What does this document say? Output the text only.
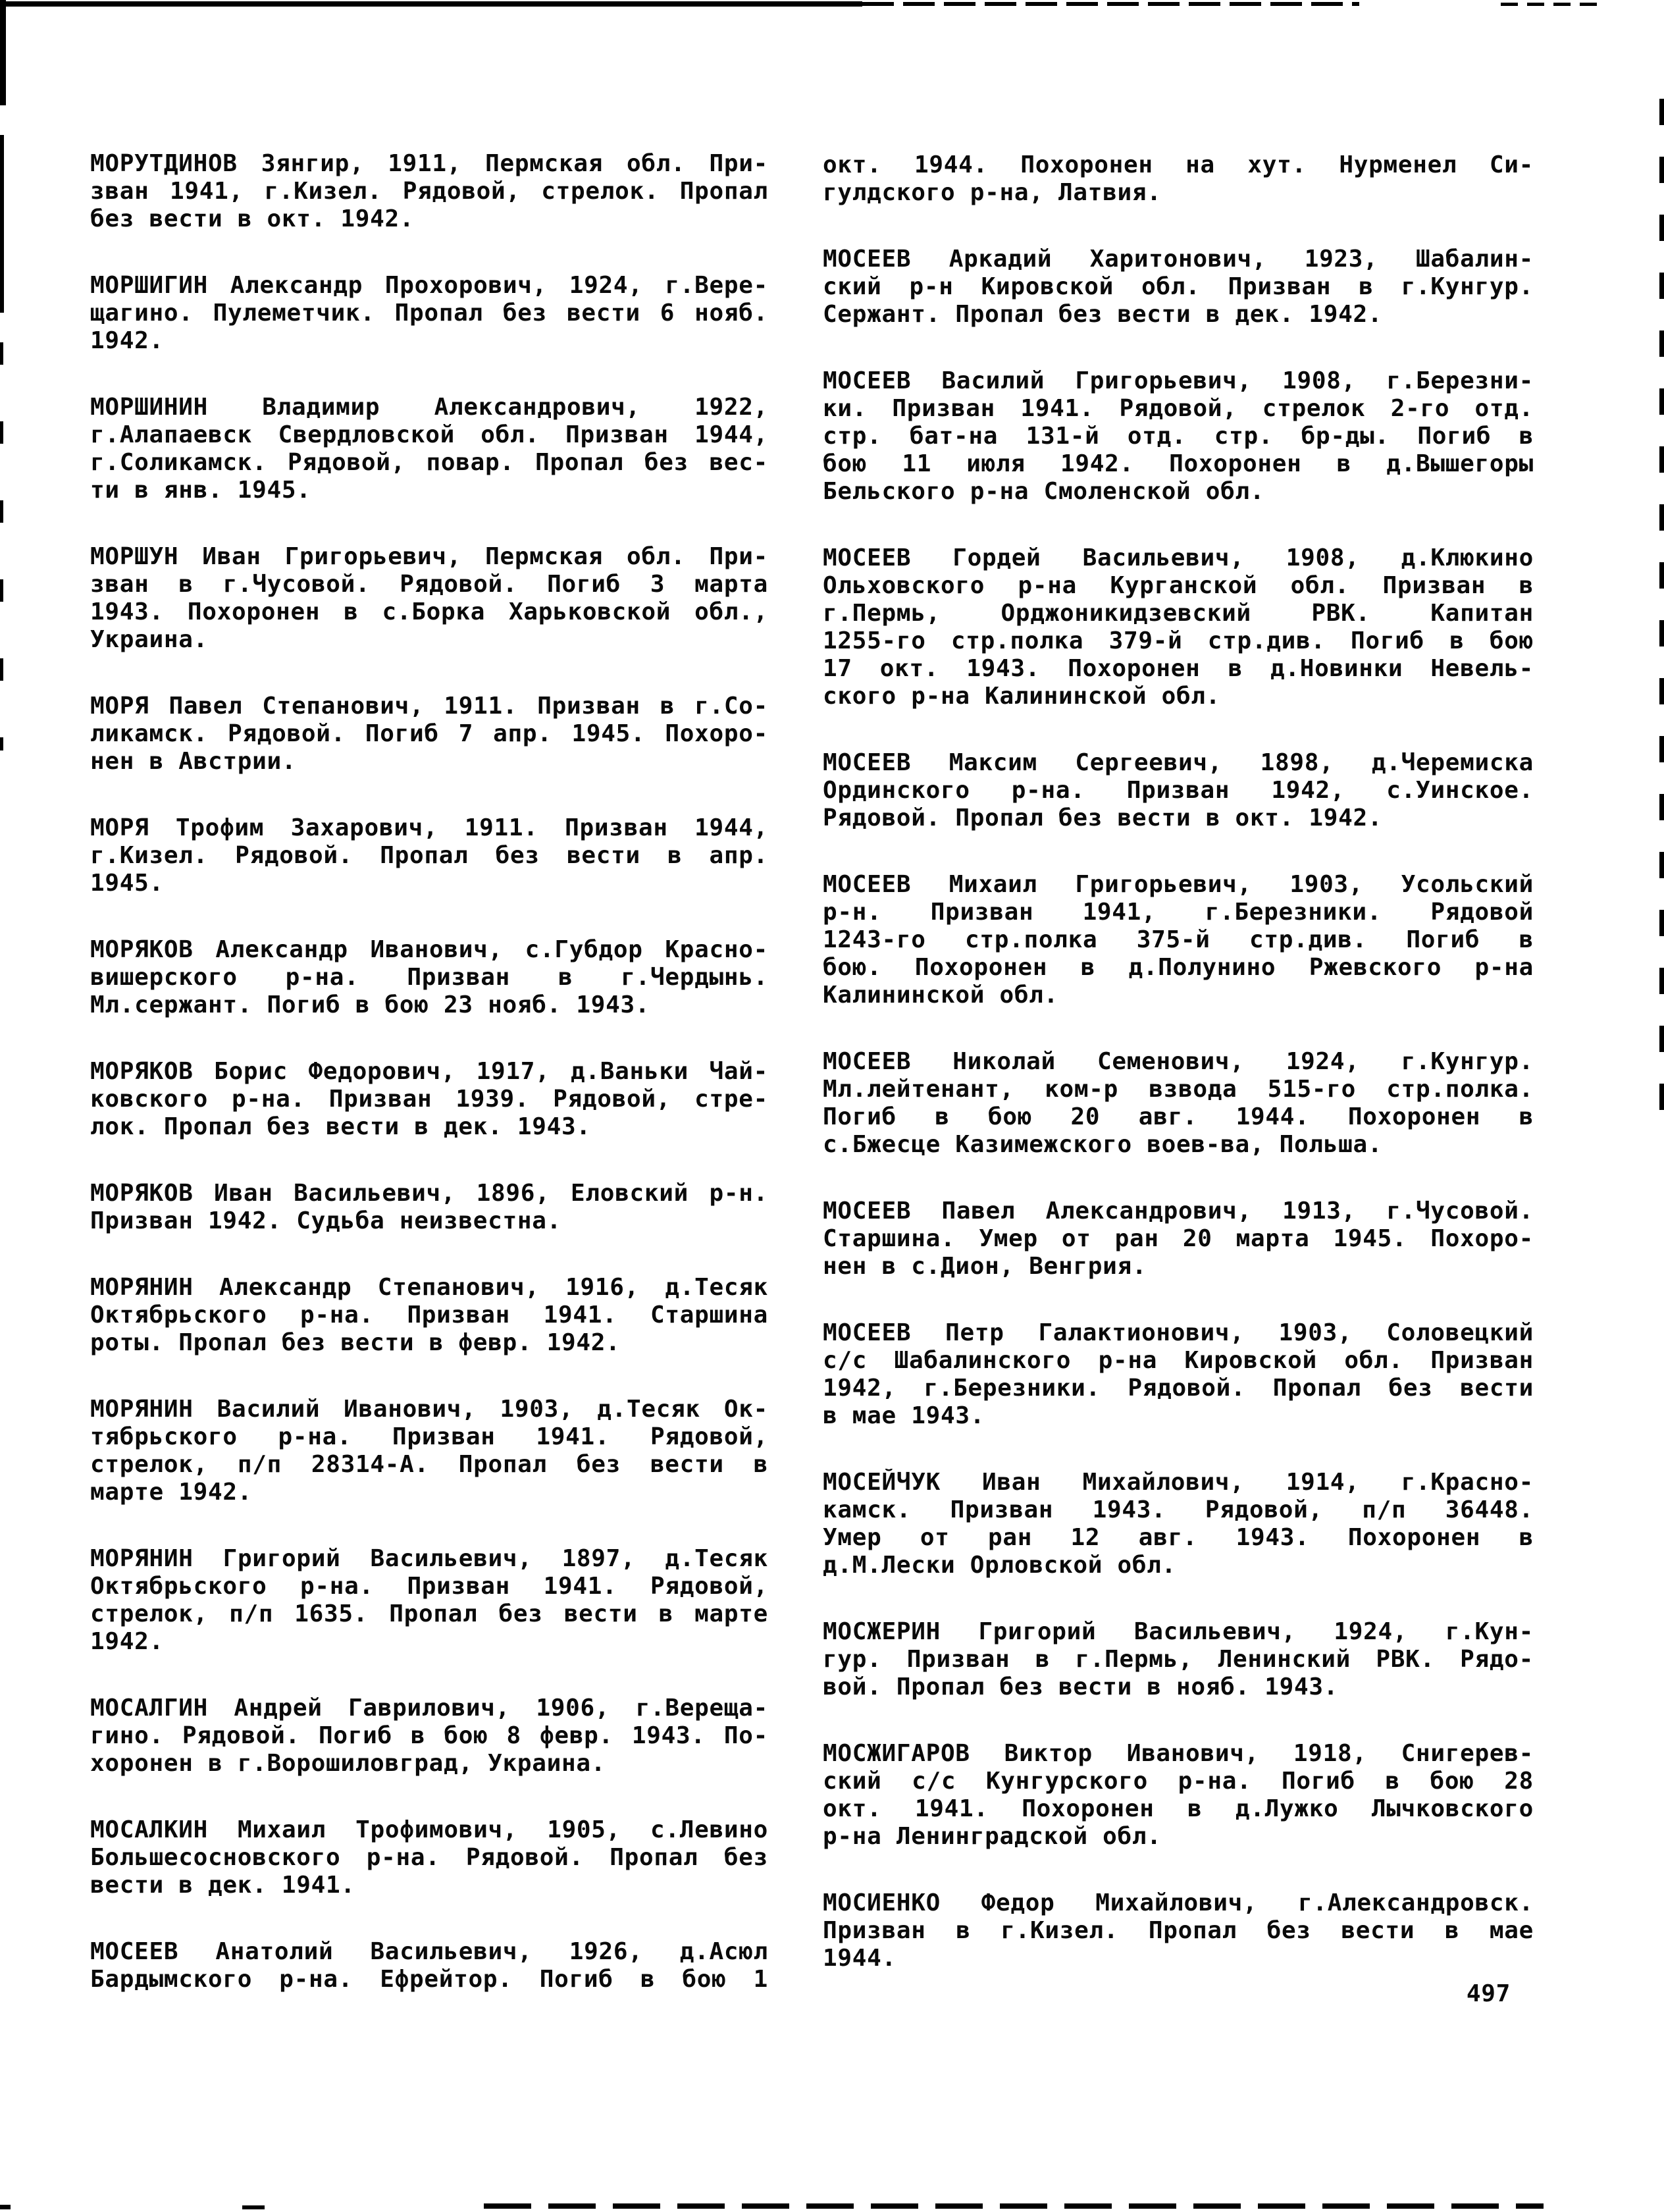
МОРУТДИНОВ Зянгир, 1911, Пермская обл. При-
зван 1941, г.Кизел. Рядовой, стрелок. Пропал
без вести в окт. 1942.
МОРШИГИН Александр Прохорович, 1924, г.Вере-
щагино. Пулеметчик. Пропал без вести 6 нояб.
1942.
МОРШИНИН Владимир Александрович, 1922,
г.Алапаевск Свердловской обл. Призван 1944,
г.Соликамск. Рядовой, повар. Пропал без вес-
ти в янв. 1945.
МОРШУН Иван Григорьевич, Пермская обл. При-
зван в г.Чусовой. Рядовой. Погиб 3 марта
1943. Похоронен в с.Борка Харьковской обл.,
Украина.
МОРЯ Павел Степанович, 1911. Призван в г.Со-
ликамск. Рядовой. Погиб 7 апр. 1945. Похоро-
нен в Австрии.
МОРЯ Трофим Захарович, 1911. Призван 1944,
г.Кизел. Рядовой. Пропал без вести в апр.
1945.
МОРЯКОВ Александр Иванович, с.Губдор Красно-
вишерского р-на. Призван в г.Чердынь.
Мл.сержант. Погиб в бою 23 нояб. 1943.
МОРЯКОВ Борис Федорович, 1917, д.Ваньки Чай-
ковского р-на. Призван 1939. Рядовой, стре-
лок. Пропал без вести в дек. 1943.
МОРЯКОВ Иван Васильевич, 1896, Еловский р-н.
Призван 1942. Судьба неизвестна.
МОРЯНИН Александр Степанович, 1916, д.Тесяк
Октябрьского р-на. Призван 1941. Старшина
роты. Пропал без вести в февр. 1942.
МОРЯНИН Василий Иванович, 1903, д.Тесяк Ок-
тябрьского р-на. Призван 1941. Рядовой,
стрелок, п/п 28314-А. Пропал без вести в
марте 1942.
МОРЯНИН Григорий Васильевич, 1897, д.Тесяк
Октябрьского р-на. Призван 1941. Рядовой,
стрелок, п/п 1635. Пропал без вести в марте
1942.
МОСАЛГИН Андрей Гаврилович, 1906, г.Вереща-
гино. Рядовой. Погиб в бою 8 февр. 1943. По-
хоронен в г.Ворошиловград, Украина.
МОСАЛКИН Михаил Трофимович, 1905, с.Левино
Большесосновского р-на. Рядовой. Пропал без
вести в дек. 1941.
МОСЕЕВ Анатолий Васильевич, 1926, д.Асюл
Бардымского р-на. Ефрейтор. Погиб в бою 1
окт. 1944. Похоронен на хут. Нурменел Си-
гулдского р-на, Латвия.
МОСЕЕВ Аркадий Харитонович, 1923, Шабалин-
ский р-н Кировской обл. Призван в г.Кунгур.
Сержант. Пропал без вести в дек. 1942.
МОСЕЕВ Василий Григорьевич, 1908, г.Березни-
ки. Призван 1941. Рядовой, стрелок 2-го отд.
стр. бат-на 131-й отд. стр. бр-ды. Погиб в
бою 11 июля 1942. Похоронен в д.Вышегоры
Бельского р-на Смоленской обл.
МОСЕЕВ Гордей Васильевич, 1908, д.Клюкино
Ольховского р-на Курганской обл. Призван в
г.Пермь, Орджоникидзевский РВК. Капитан
1255-го стр.полка 379-й стр.див. Погиб в бою
17 окт. 1943. Похоронен в д.Новинки Невель-
ского р-на Калининской обл.
МОСЕЕВ Максим Сергеевич, 1898, д.Черемиска
Ординского р-на. Призван 1942, с.Уинское.
Рядовой. Пропал без вести в окт. 1942.
МОСЕЕВ Михаил Григорьевич, 1903, Усольский
р-н. Призван 1941, г.Березники. Рядовой
1243-го стр.полка 375-й стр.див. Погиб в
бою. Похоронен в д.Полунино Ржевского р-на
Калининской обл.
МОСЕЕВ Николай Семенович, 1924, г.Кунгур.
Мл.лейтенант, ком-р взвода 515-го стр.полка.
Погиб в бою 20 авг. 1944. Похоронен в
с.Бжесце Казимежского воев-ва, Польша.
МОСЕЕВ Павел Александрович, 1913, г.Чусовой.
Старшина. Умер от ран 20 марта 1945. Похоро-
нен в с.Дион, Венгрия.
МОСЕЕВ Петр Галактионович, 1903, Соловецкий
с/с Шабалинского р-на Кировской обл. Призван
1942, г.Березники. Рядовой. Пропал без вести
в мае 1943.
МОСЕЙЧУК Иван Михайлович, 1914, г.Красно-
камск. Призван 1943. Рядовой, п/п 36448.
Умер от ран 12 авг. 1943. Похоронен в
д.М.Лески Орловской обл.
МОСЖЕРИН Григорий Васильевич, 1924, г.Кун-
гур. Призван в г.Пермь, Ленинский РВК. Рядо-
вой. Пропал без вести в нояб. 1943.
МОСЖИГАРОВ Виктор Иванович, 1918, Снигерев-
ский с/с Кунгурского р-на. Погиб в бою 28
окт. 1941. Похоронен в д.Лужко Лычковского
р-на Ленинградской обл.
МОСИЕНКО Федор Михайлович, г.Александровск.
Призван в г.Кизел. Пропал без вести в мае
1944.
497
